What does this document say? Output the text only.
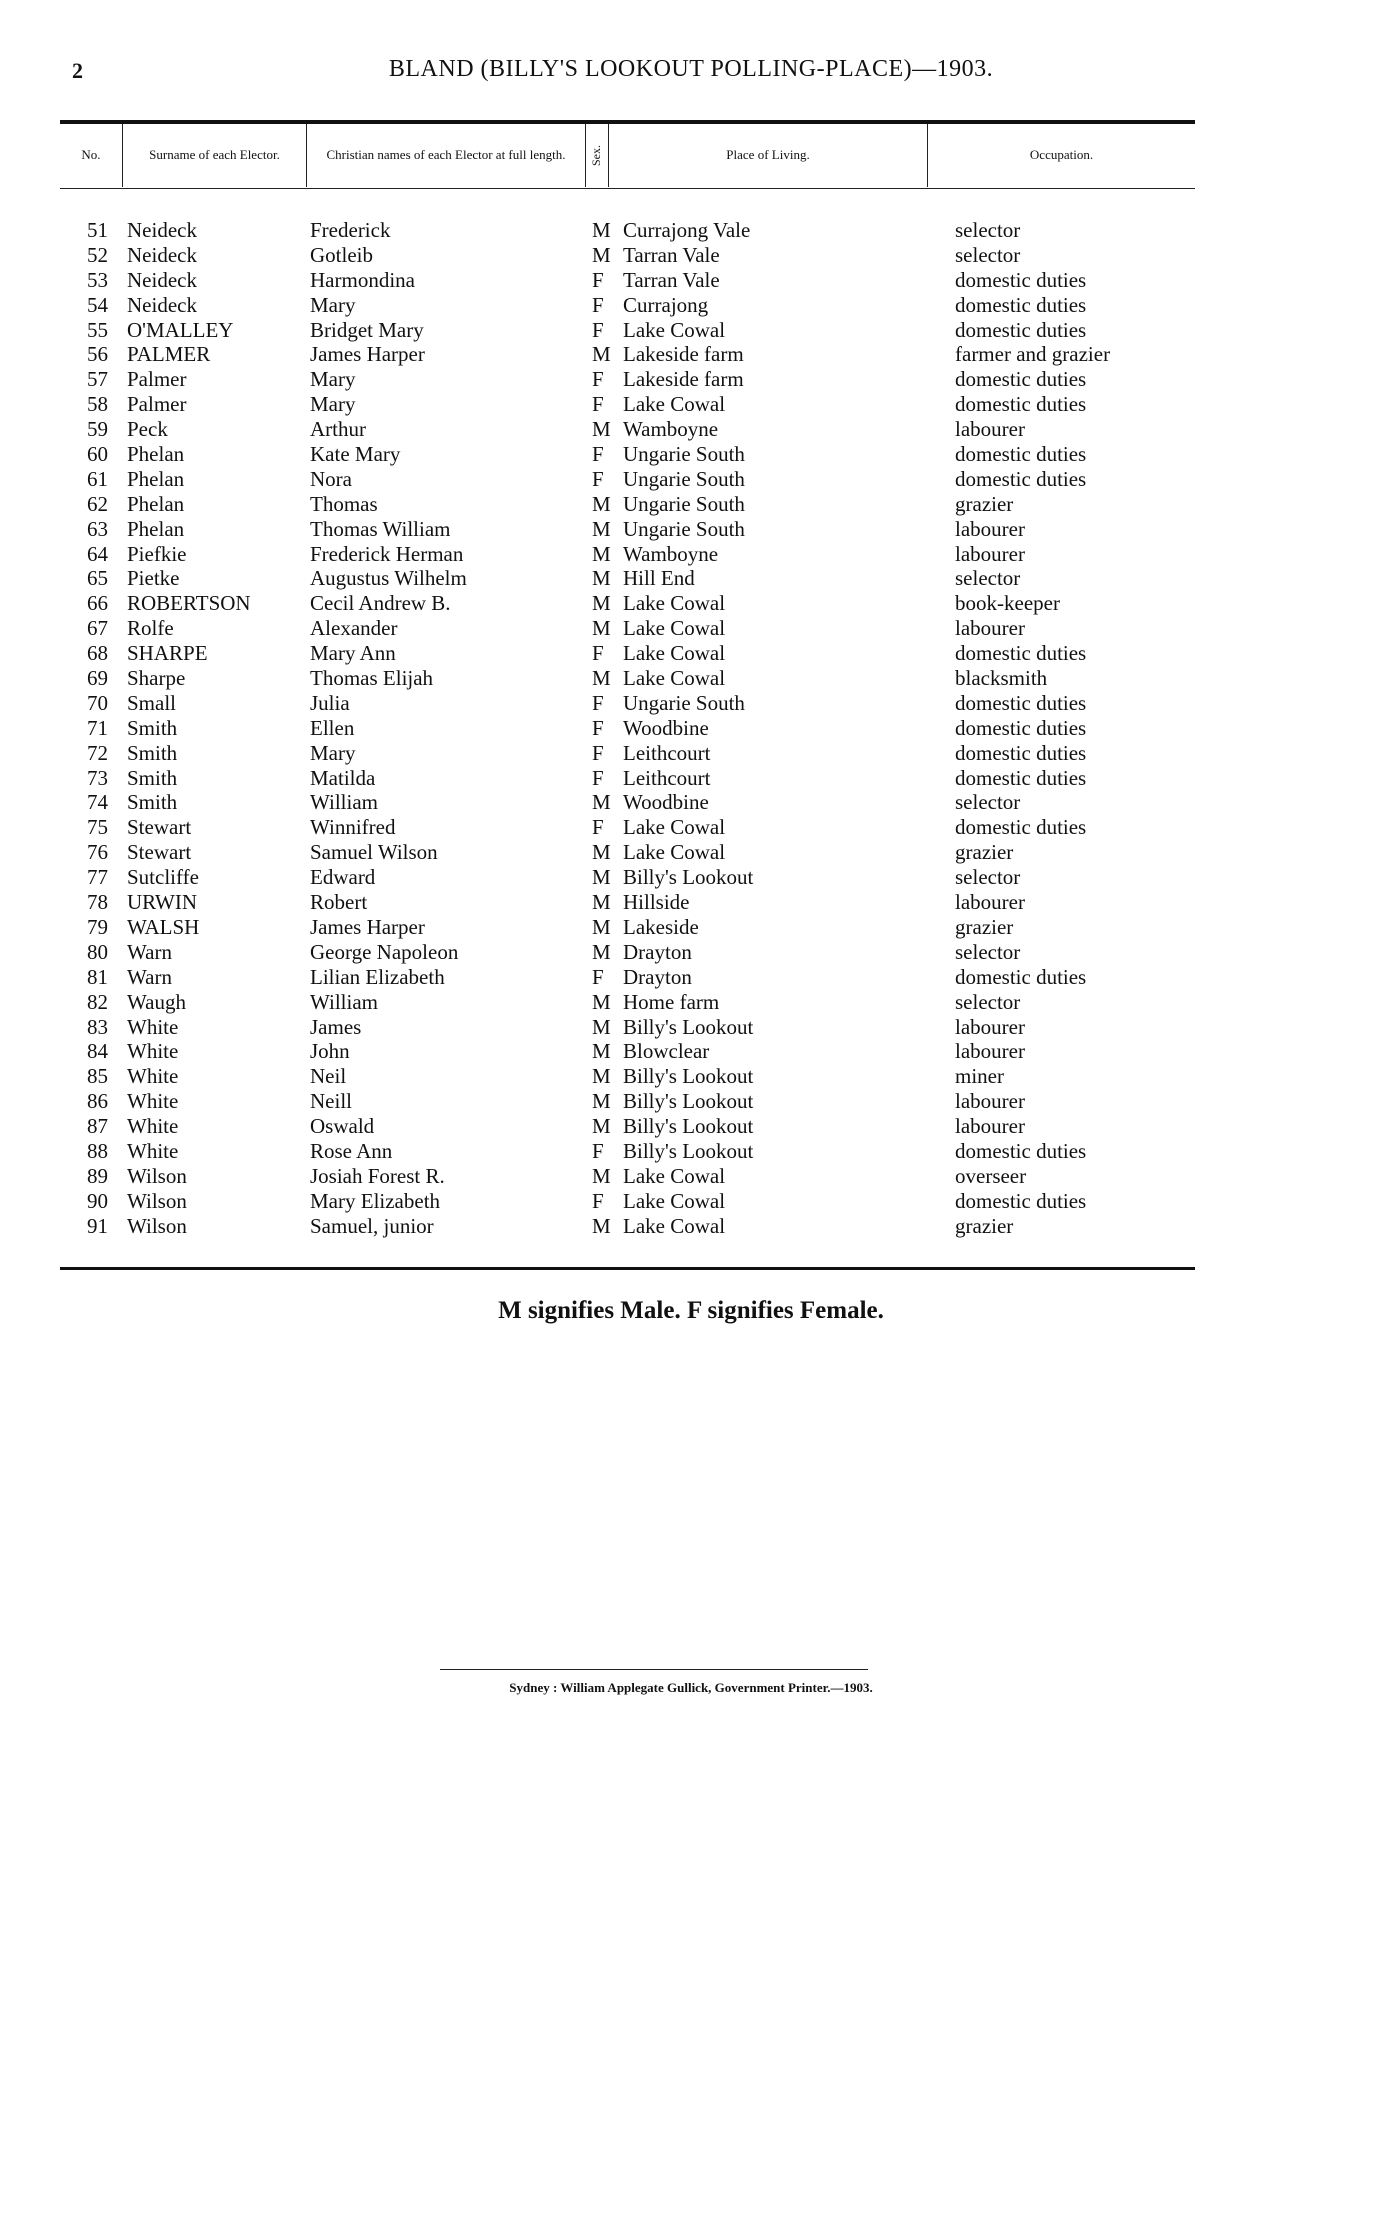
2	BLAND (BILLY'S LOOKOUT POLLING-PLACE)—1903.
No.	Surname of each Elector.	Christian names of each Elector at full length.	Sex.	Place of Living.	Occupation.
51 Neideck	Frederick	M Currajong Vale	selector
52 Neideck	Gotleib	M Tarran Vale	selector
53 Neideck	Harmondina	F Tarran Vale	domestic duties
54 Neideck	Mary	F Currajong	domestic duties
55 O'MALLEY	Bridget Mary	F Lake Cowal	domestic duties
56 PALMER	James Harper	M Lakeside farm	farmer and grazier
57 Palmer	Mary	F Lakeside farm	domestic duties
58 Palmer	Mary	F Lake Cowal	domestic duties
59 Peck	Arthur	M Wamboyne	labourer
60 Phelan	Kate Mary	F Ungarie South	domestic duties
61 Phelan	Nora	F Ungarie South	domestic duties
62 Phelan	Thomas	M Ungarie South	grazier
63 Phelan	Thomas William	M Ungarie South	labourer
64 Piefkie	Frederick Herman	M Wamboyne	labourer
65 Pietke	Augustus Wilhelm	M Hill End	selector
66 ROBERTSON	Cecil Andrew B.	M Lake Cowal	book-keeper
67 Rolfe	Alexander	M Lake Cowal	labourer
68 SHARPE	Mary Ann	F Lake Cowal	domestic duties
69 Sharpe	Thomas Elijah	M Lake Cowal	blacksmith
70 Small	Julia	F Ungarie South	domestic duties
71 Smith	Ellen	F Woodbine	domestic duties
72 Smith	Mary	F Leithcourt	domestic duties
73 Smith	Matilda	F Leithcourt	domestic duties
74 Smith	William	M Woodbine	selector
75 Stewart	Winnifred	F Lake Cowal	domestic duties
76 Stewart	Samuel Wilson	M Lake Cowal	grazier
77 Sutcliffe	Edward	M Billy's Lookout	selector
78 URWIN	Robert	M Hillside	labourer
79 WALSH	James Harper	M Lakeside	grazier
80 Warn	George Napoleon	M Drayton	selector
81 Warn	Lilian Elizabeth	F Drayton	domestic duties
82 Waugh	William	M Home farm	selector
83 White	James	M Billy's Lookout	labourer
84 White	John	M Blowclear	labourer
85 White	Neil	M Billy's Lookout	miner
86 White	Neill	M Billy's Lookout	labourer
87 White	Oswald	M Billy's Lookout	labourer
88 White	Rose Ann	F Billy's Lookout	domestic duties
89 Wilson	Josiah Forest R.	M Lake Cowal	overseer
90 Wilson	Mary Elizabeth	F Lake Cowal	domestic duties
91 Wilson	Samuel, junior	M Lake Cowal	grazier
M signifies Male. F signifies Female.
Sydney : William Applegate Gullick, Government Printer.—1903.
